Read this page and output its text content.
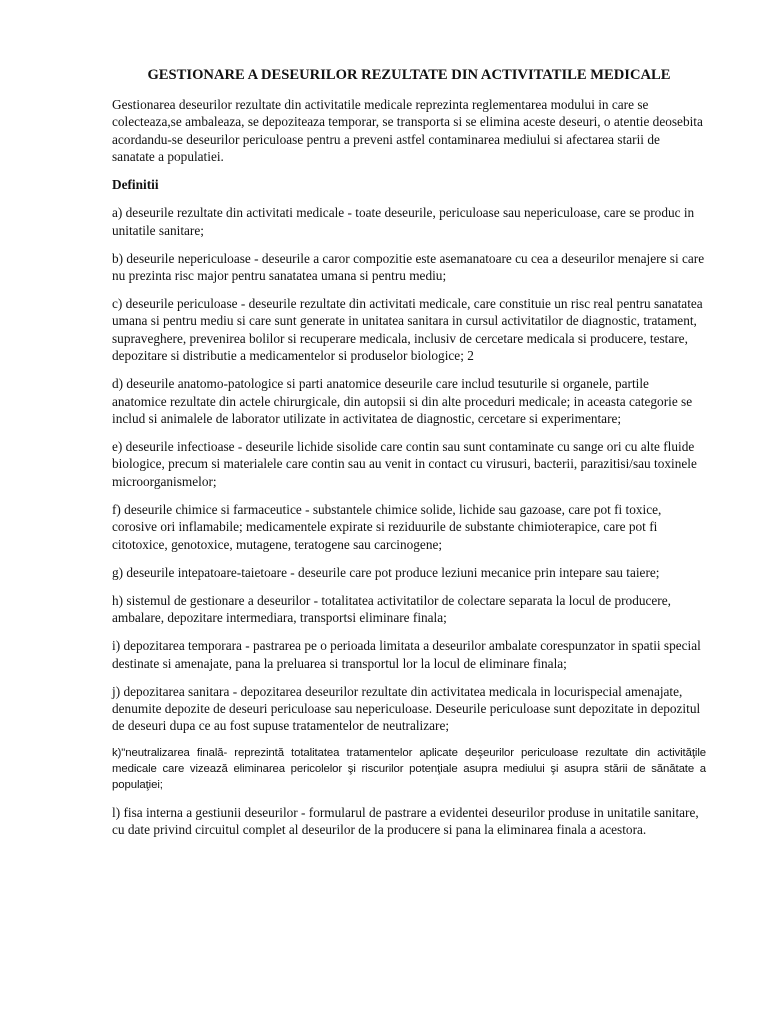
GESTIONARE A DESEURILOR REZULTATE DIN ACTIVITATILE MEDICALE

Gestionarea deseurilor rezultate din activitatile medicale reprezinta reglementarea modului in care se colecteaza,se ambaleaza, se depoziteaza temporar, se transporta si se elimina aceste deseuri, o atentie deosebita acordandu-se deseurilor periculoase pentru a preveni astfel contaminarea mediului si afectarea starii de sanatate a populatiei.

Definitii

a) deseurile rezultate din activitati medicale - toate deseurile, periculoase sau nepericuloase, care se produc in unitatile sanitare;

b) deseurile nepericuloase - deseurile a caror compozitie este asemanatoare cu cea a deseurilor menajere si care nu prezinta risc major pentru sanatatea umana si pentru mediu;

c) deseurile periculoase - deseurile rezultate din activitati medicale, care constituie un risc real pentru sanatatea umana si pentru mediu si care sunt generate in unitatea sanitara in cursul activitatilor de diagnostic, tratament, supraveghere, prevenirea bolilor si recuperare medicala, inclusiv de cercetare medicala si producere, testare, depozitare si distributie a medicamentelor si produselor biologice; 2

d) deseurile anatomo-patologice si parti anatomice deseurile care includ tesuturile si organele, partile anatomice rezultate din actele chirurgicale, din autopsii si din alte proceduri medicale; in aceasta categorie se includ si animalele de laborator utilizate in activitatea de diagnostic, cercetare si experimentare;

e) deseurile infectioase - deseurile lichide sisolide care contin sau sunt contaminate cu sange ori cu alte fluide biologice, precum si materialele care contin sau au venit in contact cu virusuri, bacterii, parazitisi/sau toxinele microorganismelor;

f) deseurile chimice si farmaceutice - substantele chimice solide, lichide sau gazoase, care pot fi toxice, corosive ori inflamabile; medicamentele expirate si reziduurile de substante chimioterapice, care pot fi citotoxice, genotoxice, mutagene, teratogene sau carcinogene;

g) deseurile intepatoare-taietoare - deseurile care pot produce leziuni mecanice prin intepare sau taiere;

h) sistemul de gestionare a deseurilor - totalitatea activitatilor de colectare separata la locul de producere, ambalare, depozitare intermediara, transportsi eliminare finala;

i) depozitarea temporara - pastrarea pe o perioada limitata a deseurilor ambalate corespunzator in spatii special destinate si amenajate, pana la preluarea si transportul lor la locul de eliminare finala;

j) depozitarea sanitara - depozitarea deseurilor rezultate din activitatea medicala in locurispecial amenajate, denumite depozite de deseuri periculoase sau nepericuloase. Deseurile periculoase sunt depozitate in depozitul de deseuri dupa ce au fost supuse tratamentelor de neutralizare;

k)"neutralizarea finală- reprezintă totalitatea tratamentelor aplicate deşeurilor periculoase rezultate din activităţile medicale care vizează eliminarea pericolelor şi riscurilor potenţiale asupra mediului şi asupra stării de sănătate a populaţiei;

l) fisa interna a gestiunii deseurilor - formularul de pastrare a evidentei deseurilor produse in unitatile sanitare, cu date privind circuitul complet al deseurilor de la producere si pana la eliminarea finala a acestora.
